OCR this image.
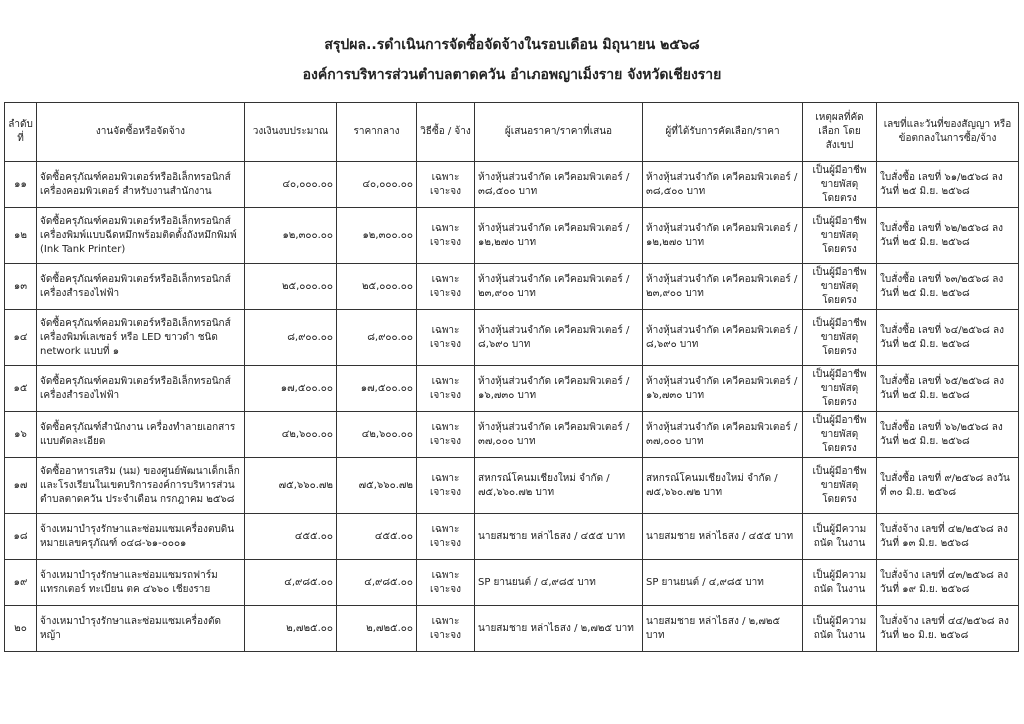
สรุปผล..รดำเนินการจัดซื้อจัดจ้างในรอบเดือน มิถุนายน ๒๕๖๘
องค์การบริหารส่วนตำบลตาดควัน อำเภอพญาเม็งราย จังหวัดเชียงราย
ลำดับที่	งานจัดซื้อหรือจัดจ้าง	วงเงินงบประมาณ	ราคากลาง	วิธีซื้อ / จ้าง	ผู้เสนอราคา/ราคาที่เสนอ	ผู้ที่ได้รับการคัดเลือก/ราคา	เหตุผลที่คัดเลือก โดยสังเขป	เลขที่และวันที่ของสัญญา หรือข้อตกลงในการซื้อ/จ้าง
๑๑	จัดซื้อครุภัณฑ์คอมพิวเตอร์หรืออิเล็กทรอนิกส์ เครื่องคอมพิวเตอร์ สำหรับงานสำนักงาน	๔๐,๐๐๐.๐๐	๔๐,๐๐๐.๐๐	เฉพาะเจาะจง	ห้างหุ้นส่วนจำกัด เควีคอมพิวเตอร์ / ๓๘,๕๐๐ บาท	ห้างหุ้นส่วนจำกัด เควีคอมพิวเตอร์ / ๓๘,๕๐๐ บาท	เป็นผู้มีอาชีพ ขายพัสดุโดยตรง	ใบสั่งซื้อ เลขที่ ๖๑/๒๕๖๘ ลงวันที่ ๒๕ มิ.ย. ๒๕๖๘
๑๒	จัดซื้อครุภัณฑ์คอมพิวเตอร์หรืออิเล็กทรอนิกส์ เครื่องพิมพ์แบบฉีดหมึกพร้อมติดตั้งถังหมึกพิมพ์ (Ink Tank Printer)	๑๒,๓๐๐.๐๐	๑๒,๓๐๐.๐๐	เฉพาะเจาะจง	ห้างหุ้นส่วนจำกัด เควีคอมพิวเตอร์ / ๑๒,๒๗๐ บาท	ห้างหุ้นส่วนจำกัด เควีคอมพิวเตอร์ / ๑๒,๒๗๐ บาท	เป็นผู้มีอาชีพ ขายพัสดุโดยตรง	ใบสั่งซื้อ เลขที่ ๖๒/๒๕๖๘ ลงวันที่ ๒๕ มิ.ย. ๒๕๖๘
๑๓	จัดซื้อครุภัณฑ์คอมพิวเตอร์หรืออิเล็กทรอนิกส์ เครื่องสำรองไฟฟ้า	๒๕,๐๐๐.๐๐	๒๕,๐๐๐.๐๐	เฉพาะเจาะจง	ห้างหุ้นส่วนจำกัด เควีคอมพิวเตอร์ / ๒๓,๙๐๐ บาท	ห้างหุ้นส่วนจำกัด เควีคอมพิวเตอร์ / ๒๓,๙๐๐ บาท	เป็นผู้มีอาชีพ ขายพัสดุโดยตรง	ใบสั่งซื้อ เลขที่ ๖๓/๒๕๖๘ ลงวันที่ ๒๕ มิ.ย. ๒๕๖๘
๑๔	จัดซื้อครุภัณฑ์คอมพิวเตอร์หรืออิเล็กทรอนิกส์ เครื่องพิมพ์เลเซอร์ หรือ LED ขาวดำ ชนิด network แบบที่ ๑	๘,๙๐๐.๐๐	๘,๙๐๐.๐๐	เฉพาะเจาะจง	ห้างหุ้นส่วนจำกัด เควีคอมพิวเตอร์ / ๘,๖๙๐ บาท	ห้างหุ้นส่วนจำกัด เควีคอมพิวเตอร์ / ๘,๖๙๐ บาท	เป็นผู้มีอาชีพ ขายพัสดุโดยตรง	ใบสั่งซื้อ เลขที่ ๖๔/๒๕๖๘ ลงวันที่ ๒๕ มิ.ย. ๒๕๖๘
๑๕	จัดซื้อครุภัณฑ์คอมพิวเตอร์หรืออิเล็กทรอนิกส์ เครื่องสำรองไฟฟ้า	๑๗,๕๐๐.๐๐	๑๗,๕๐๐.๐๐	เฉพาะเจาะจง	ห้างหุ้นส่วนจำกัด เควีคอมพิวเตอร์ / ๑๖,๗๓๐ บาท	ห้างหุ้นส่วนจำกัด เควีคอมพิวเตอร์ / ๑๖,๗๓๐ บาท	เป็นผู้มีอาชีพ ขายพัสดุโดยตรง	ใบสั่งซื้อ เลขที่ ๖๕/๒๕๖๘ ลงวันที่ ๒๕ มิ.ย. ๒๕๖๘
๑๖	จัดซื้อครุภัณฑ์สำนักงาน เครื่องทำลายเอกสารแบบตัดละเอียด	๔๒,๖๐๐.๐๐	๔๒,๖๐๐.๐๐	เฉพาะเจาะจง	ห้างหุ้นส่วนจำกัด เควีคอมพิวเตอร์ / ๓๗,๐๐๐ บาท	ห้างหุ้นส่วนจำกัด เควีคอมพิวเตอร์ / ๓๗,๐๐๐ บาท	เป็นผู้มีอาชีพ ขายพัสดุโดยตรง	ใบสั่งซื้อ เลขที่ ๖๖/๒๕๖๘ ลงวันที่ ๒๕ มิ.ย. ๒๕๖๘
๑๗	จัดซื้ออาหารเสริม (นม) ของศูนย์พัฒนาเด็กเล็ก และโรงเรียนในเขตบริการองค์การบริหารส่วน ตำบลตาดควัน ประจำเดือน กรกฎาคม ๒๕๖๘	๗๕,๖๖๐.๗๒	๗๕,๖๖๐.๗๒	เฉพาะเจาะจง	สหกรณ์โคนมเชียงใหม่ จำกัด / ๗๕,๖๖๐.๗๒ บาท	สหกรณ์โคนมเชียงใหม่ จำกัด / ๗๕,๖๖๐.๗๒ บาท	เป็นผู้มีอาชีพ ขายพัสดุโดยตรง	ใบสั่งซื้อ เลขที่ ๙/๒๕๖๘ ลงวันที่ ๓๐ มิ.ย. ๒๕๖๘
๑๘	จ้างเหมาบำรุงรักษาและซ่อมแซมเครื่องตบดิน หมายเลขครุภัณฑ์ ๐๔๘-๖๑-๐๐๐๑	๔๕๕.๐๐	๔๕๕.๐๐	เฉพาะเจาะจง	นายสมชาย หล่าไธสง / ๔๕๕ บาท	นายสมชาย หล่าไธสง / ๔๕๕ บาท	เป็นผู้มีความถนัด ในงาน	ใบสั่งจ้าง เลขที่ ๔๒/๒๕๖๘ ลงวันที่ ๑๓ มิ.ย. ๒๕๖๘
๑๙	จ้างเหมาบำรุงรักษาและซ่อมแซมรถฟาร์ม แทรกเตอร์ ทะเบียน ตค ๔๖๖๐ เชียงราย	๔,๙๘๕.๐๐	๔,๙๘๕.๐๐	เฉพาะเจาะจง	SP ยานยนต์ / ๔,๙๘๕ บาท	SP ยานยนต์ / ๔,๙๘๕ บาท	เป็นผู้มีความถนัด ในงาน	ใบสั่งจ้าง เลขที่ ๔๓/๒๕๖๘ ลงวันที่ ๑๙ มิ.ย. ๒๕๖๘
๒๐	จ้างเหมาบำรุงรักษาและซ่อมแซมเครื่องตัดหญ้า	๒,๗๒๕.๐๐	๒,๗๒๕.๐๐	เฉพาะเจาะจง	นายสมชาย หล่าไธสง / ๒,๗๒๕ บาท	นายสมชาย หล่าไธสง / ๒,๗๒๕ บาท	เป็นผู้มีความถนัด ในงาน	ใบสั่งจ้าง เลขที่ ๔๔/๒๕๖๘ ลงวันที่ ๒๐ มิ.ย. ๒๕๖๘
